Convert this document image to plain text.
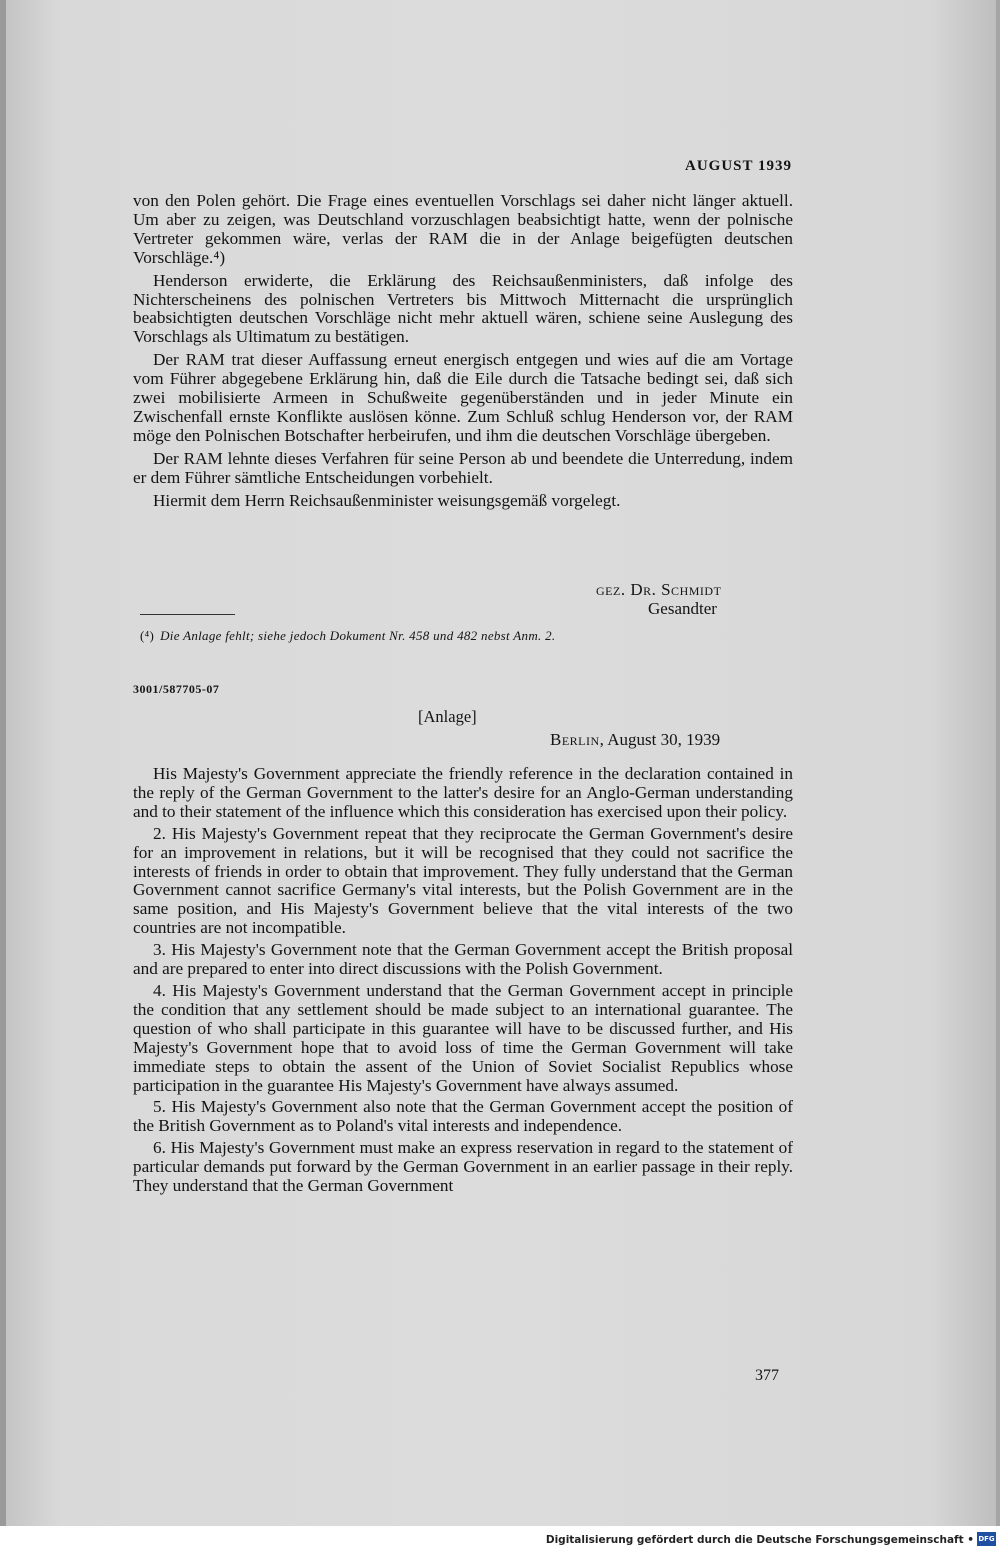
AUGUST 1939

von den Polen gehört. Die Frage eines eventuellen Vorschlags sei daher nicht länger aktuell. Um aber zu zeigen, was Deutschland vorzuschlagen beabsichtigt hatte, wenn der polnische Vertreter gekommen wäre, verlas der RAM die in der Anlage beigefügten deutschen Vorschläge.⁴)

Henderson erwiderte, die Erklärung des Reichsaußenministers, daß infolge des Nichterscheinens des polnischen Vertreters bis Mittwoch Mitternacht die ursprünglich beabsichtigten deutschen Vorschläge nicht mehr aktuell wären, schiene seine Auslegung des Vorschlags als Ultimatum zu bestätigen.

Der RAM trat dieser Auffassung erneut energisch entgegen und wies auf die am Vortage vom Führer abgegebene Erklärung hin, daß die Eile durch die Tatsache bedingt sei, daß sich zwei mobilisierte Armeen in Schußweite gegenüberständen und in jeder Minute ein Zwischenfall ernste Konflikte auslösen könne. Zum Schluß schlug Henderson vor, der RAM möge den Polnischen Botschafter herbeirufen, und ihm die deutschen Vorschläge übergeben.

Der RAM lehnte dieses Verfahren für seine Person ab und beendete die Unterredung, indem er dem Führer sämtliche Entscheidungen vorbehielt.

Hiermit dem Herrn Reichsaußenminister weisungsgemäß vorgelegt.

gez. Dr. Schmidt
Gesandter
(⁴) Die Anlage fehlt; siehe jedoch Dokument Nr. 458 und 482 nebst Anm. 2.
3001/587705-07
[Anlage]
Berlin, August 30, 1939

His Majesty's Government appreciate the friendly reference in the declaration contained in the reply of the German Government to the latter's desire for an Anglo-German understanding and to their statement of the influence which this consideration has exercised upon their policy.

2. His Majesty's Government repeat that they reciprocate the German Government's desire for an improvement in relations, but it will be recognised that they could not sacrifice the interests of friends in order to obtain that improvement. They fully understand that the German Government cannot sacrifice Germany's vital interests, but the Polish Government are in the same position, and His Majesty's Government believe that the vital interests of the two countries are not incompatible.

3. His Majesty's Government note that the German Government accept the British proposal and are prepared to enter into direct discussions with the Polish Government.

4. His Majesty's Government understand that the German Government accept in principle the condition that any settlement should be made subject to an international guarantee. The question of who shall participate in this guarantee will have to be discussed further, and His Majesty's Government hope that to avoid loss of time the German Government will take immediate steps to obtain the assent of the Union of Soviet Socialist Republics whose participation in the guarantee His Majesty's Government have always assumed.

5. His Majesty's Government also note that the German Government accept the position of the British Government as to Poland's vital interests and independence.

6. His Majesty's Government must make an express reservation in regard to the statement of particular demands put forward by the German Government in an earlier passage in their reply. They understand that the German Government

377
Digitalisierung gefördert durch die Deutsche Forschungsgemeinschaft • DFG
